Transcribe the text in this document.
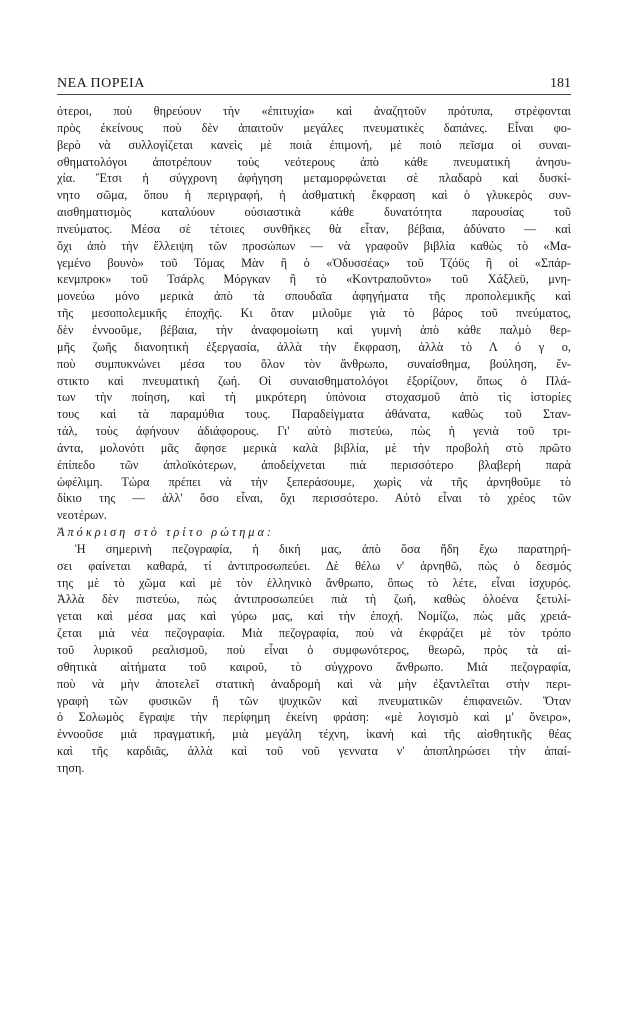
ΝΕΑ ΠΟΡΕΙΑ	181
ότεροι, ποὺ θηρεύουν τὴν «ἐπιτυχία» καὶ ἀναζητοῦν πρότυπα, στρέφονται
πρὸς ἐκείνους ποὺ δὲν ἀπαιτοῦν μεγάλες πνευματικὲς δαπάνες. Εἶναι φο-
βερὸ νὰ συλλογίζεται κανεὶς μὲ ποιὰ ἐπιμονή, μὲ ποιὸ πεῖσμα οἱ συναι-
σθηματολόγοι ἀποτρέπουν τοὺς νεότερους ἀπὸ κάθε πνευματικὴ ἀνησυ-
χία. Ἔτσι ἡ σύγχρονη ἀφήγηση μεταμορφώνεται σὲ πλαδαρὸ καὶ δυσκί-
νητο σῶμα, ὅπου ἡ περιγραφή, ἡ ἀσθματικὴ ἔκφραση καὶ ὁ γλυκερὸς συν-
αισθηματισμὸς καταλύουν οὐσιαστικὰ κάθε δυνατότητα παρουσίας τοῦ
πνεύματος. Μέσα σὲ τέτοιες συνθῆκες θὰ εἶταν, βέβαια, ἀδύνατο — καὶ
ὄχι ἀπὸ τὴν ἔλλειψη τῶν προσώπων — νὰ γραφοῦν βιβλία καθὼς τὸ «Μα-
γεμένο βουνὸ» τοῦ Τόμας Μὰν ἢ ὁ «Ὀδυσσέας» τοῦ Τζόϋς ἢ οἱ «Σπάρ-
κενμπροκ» τοῦ Τσάρλς Μόργκαν ἢ τὸ «Κοντραποῦντο» τοῦ Χάξλεϋ, μνη-
μονεύω μόνο μερικὰ ἀπὸ τὰ σπουδαῖα ἀφηγήματα τῆς προπολεμικῆς καὶ
τῆς μεσοπολεμικῆς ἐποχῆς. Κι ὅταν μιλοῦμε γιὰ τὸ βάρος τοῦ πνεύματος,
δὲν ἐννοοῦμε, βέβαια, τὴν ἀναφομοίωτη καὶ γυμνὴ ἀπὸ κάθε παλμὸ θερ-
μῆς ζωῆς διανοητικὴ ἐξεργασία, ἀλλὰ τὴν ἔκφραση, ἀλλὰ τὸ Λ ό γ ο,
ποὺ συμπυκνώνει μέσα του ὅλον τὸν ἄνθρωπο, συναίσθημα, βούληση, ἔν-
στικτο καὶ πνευματικὴ ζωή. Οἱ συναισθηματολόγοι ἐξορίζουν, ὅπως ὁ Πλά-
των τὴν ποίηση, καὶ τὴ μικρότερη ὑπόνοια στοχασμοῦ ἀπὸ τὶς ἱστορίες
τους καὶ τὰ παραμύθια τους. Παραδείγματα ἀθάνατα, καθὼς τοῦ Σταν-
τάλ, τοὺς ἀφήνουν ἀδιάφορους. Γι' αὐτὸ πιστεύω, πὼς ἡ γενιὰ τοῦ τρι-
άντα, μολονότι μᾶς ἄφησε μερικὰ καλὰ βιβλία, μὲ τὴν προβολὴ στὸ πρῶτο
ἐπίπεδο τῶν ἀπλοϊκότερων, ἀποδείχνεται πιὰ περισσότερο βλαβερὴ παρὰ
ὠφέλιμη. Τώρα πρέπει νὰ τὴν ξεπεράσουμε, χωρὶς νὰ τῆς ἀρνηθοῦμε τὸ
δίκιο της — ἀλλ' ὅσο εἶναι, ὄχι περισσότερο. Αὐτὸ εἶναι τὸ χρέος τῶν
νεοτέρων.
Ἀπόκριση στὸ τρίτο ρώτημα:
Ἡ σημερινὴ πεζογραφία, ἡ δική μας, ἀπὸ ὅσα ἤδη ἔχω παρατηρή-
σει φαίνεται καθαρά, τί ἀντιπροσωπεύει. Δὲ θέλω ν' ἀρνηθῶ, πὼς ὁ δεσμός
της μὲ τὸ χῶμα καὶ μὲ τὸν ἑλληνικὸ ἄνθρωπο, ὅπως τὸ λέτε, εἶναι ἰσχυρός.
Ἀλλὰ δὲν πιστεύω, πὼς ἀντιπροσωπεύει πιὰ τὴ ζωή, καθὼς ὁλοένα ξετυλί-
γεται καὶ μέσα μας καὶ γύρω μας, καὶ τὴν ἐποχή. Νομίζω, πὼς μᾶς χρειά-
ζεται μιὰ νέα πεζογραφία. Μιὰ πεζογραφία, ποὺ νὰ ἐκφράζει μὲ τὸν τρόπο
τοῦ λυρικοῦ ρεαλισμοῦ, ποὺ εἶναι ὁ συμφωνότερος, θεωρῶ, πρὸς τὰ αἰ-
σθητικὰ αἰτήματα τοῦ καιροῦ, τὸ σύγχρονο ἄνθρωπο. Μιὰ πεζογραφία,
ποὺ νὰ μὴν ἀποτελεῖ στατικὴ ἀναδρομὴ καὶ νὰ μὴν ἐξαντλεῖται στὴν περι-
γραφὴ τῶν φυσικῶν ἢ τῶν ψυχικῶν καὶ πνευματικῶν ἐπιφανειῶν. Ὅταν
ὁ Σολωμὸς ἔγραψε τὴν περίφημη ἐκείνη φράση: «μὲ λογισμὸ καὶ μ' ὄνειρο»,
ἐννοοῦσε μιὰ πραγματική, μιὰ μεγάλη τέχνη, ἱκανὴ καὶ τῆς αἰσθητικῆς θέας
καὶ τῆς καρδιᾶς, ἀλλὰ καὶ τοῦ νοῦ γεννατα ν' ἀποπληρώσει τὴν ἀπαί-
τηση.
